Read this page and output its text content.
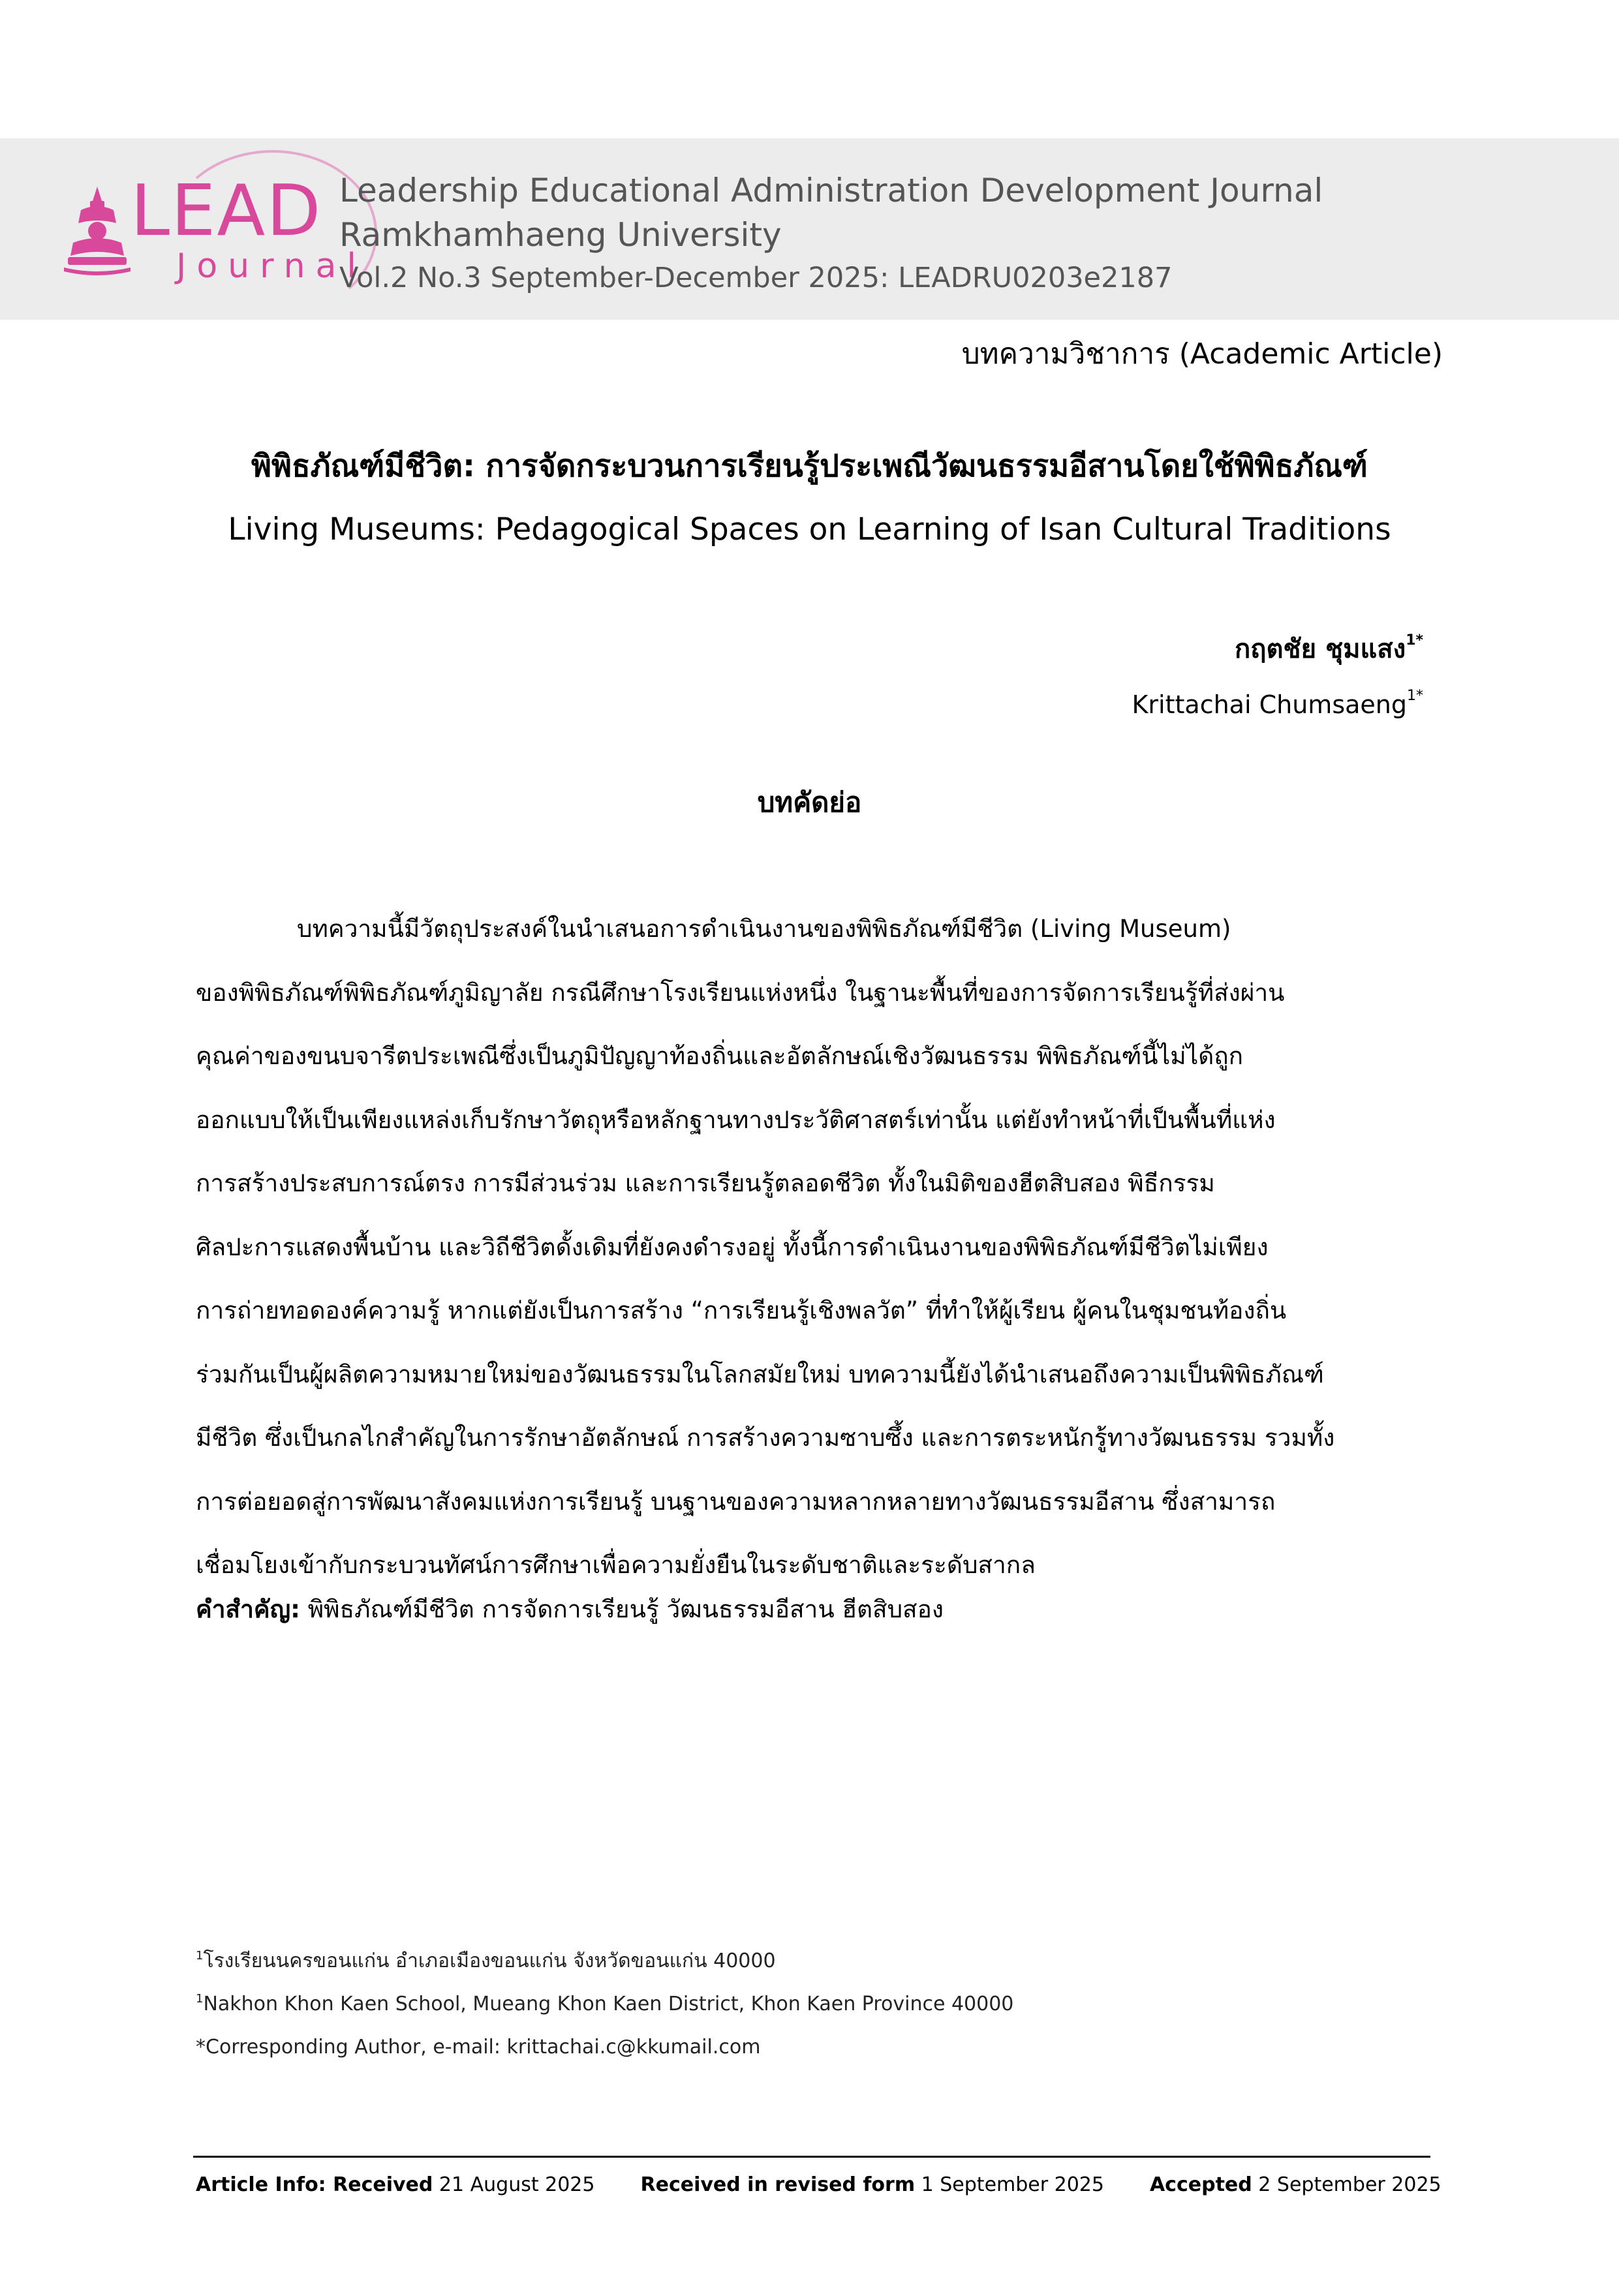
LEAD
Journal
Leadership Educational Administration Development Journal
Ramkhamhaeng University
Vol.2 No.3 September-December 2025: LEADRU0203e2187
บทความวิชาการ (Academic Article)
พิพิธภัณฑ์มีชีวิต: การจัดกระบวนการเรียนรู้ประเพณีวัฒนธรรมอีสานโดยใช้พิพิธภัณฑ์
Living Museums: Pedagogical Spaces on Learning of Isan Cultural Traditions
กฤตชัย ชุมแสง$^{1*}$
Krittachai Chumsaeng$^{1*}$
บทคัดย่อ
บทความนี้มีวัตถุประสงค์ในนำเสนอการดำเนินงานของพิพิธภัณฑ์มีชีวิต (Living Museum)
ของพิพิธภัณฑ์พิพิธภัณฑ์ภูมิญาลัย กรณีศึกษาโรงเรียนแห่งหนึ่ง ในฐานะพื้นที่ของการจัดการเรียนรู้ที่ส่งผ่าน
คุณค่าของขนบจารีตประเพณีซึ่งเป็นภูมิปัญญาท้องถิ่นและอัตลักษณ์เชิงวัฒนธรรม พิพิธภัณฑ์นี้ไม่ได้ถูก
ออกแบบให้เป็นเพียงแหล่งเก็บรักษาวัตถุหรือหลักฐานทางประวัติศาสตร์เท่านั้น แต่ยังทำหน้าที่เป็นพื้นที่แห่ง
การสร้างประสบการณ์ตรง การมีส่วนร่วม และการเรียนรู้ตลอดชีวิต ทั้งในมิติของฮีตสิบสอง พิธีกรรม
ศิลปะการแสดงพื้นบ้าน และวิถีชีวิตดั้งเดิมที่ยังคงดำรงอยู่ ทั้งนี้การดำเนินงานของพิพิธภัณฑ์มีชีวิตไม่เพียง
การถ่ายทอดองค์ความรู้ หากแต่ยังเป็นการสร้าง “การเรียนรู้เชิงพลวัต” ที่ทำให้ผู้เรียน ผู้คนในชุมชนท้องถิ่น
ร่วมกันเป็นผู้ผลิตความหมายใหม่ของวัฒนธรรมในโลกสมัยใหม่ บทความนี้ยังได้นำเสนอถึงความเป็นพิพิธภัณฑ์
มีชีวิต ซึ่งเป็นกลไกสำคัญในการรักษาอัตลักษณ์ การสร้างความซาบซึ้ง และการตระหนักรู้ทางวัฒนธรรม รวมทั้ง
การต่อยอดสู่การพัฒนาสังคมแห่งการเรียนรู้ บนฐานของความหลากหลายทางวัฒนธรรมอีสาน ซึ่งสามารถ
เชื่อมโยงเข้ากับกระบวนทัศน์การศึกษาเพื่อความยั่งยืนในระดับชาติและระดับสากล
คำสำคัญ: พิพิธภัณฑ์มีชีวิต การจัดการเรียนรู้ วัฒนธรรมอีสาน ฮีตสิบสอง
$^1$โรงเรียนนครขอนแก่น อำเภอเมืองขอนแก่น จังหวัดขอนแก่น 40000
$^1$Nakhon Khon Kaen School, Mueang Khon Kaen District, Khon Kaen Province 40000
*Corresponding Author, e-mail: krittachai.c@kkumail.com
Article Info: Received 21 August 2025 Received in revised form 1 September 2025 Accepted 2 September 2025
